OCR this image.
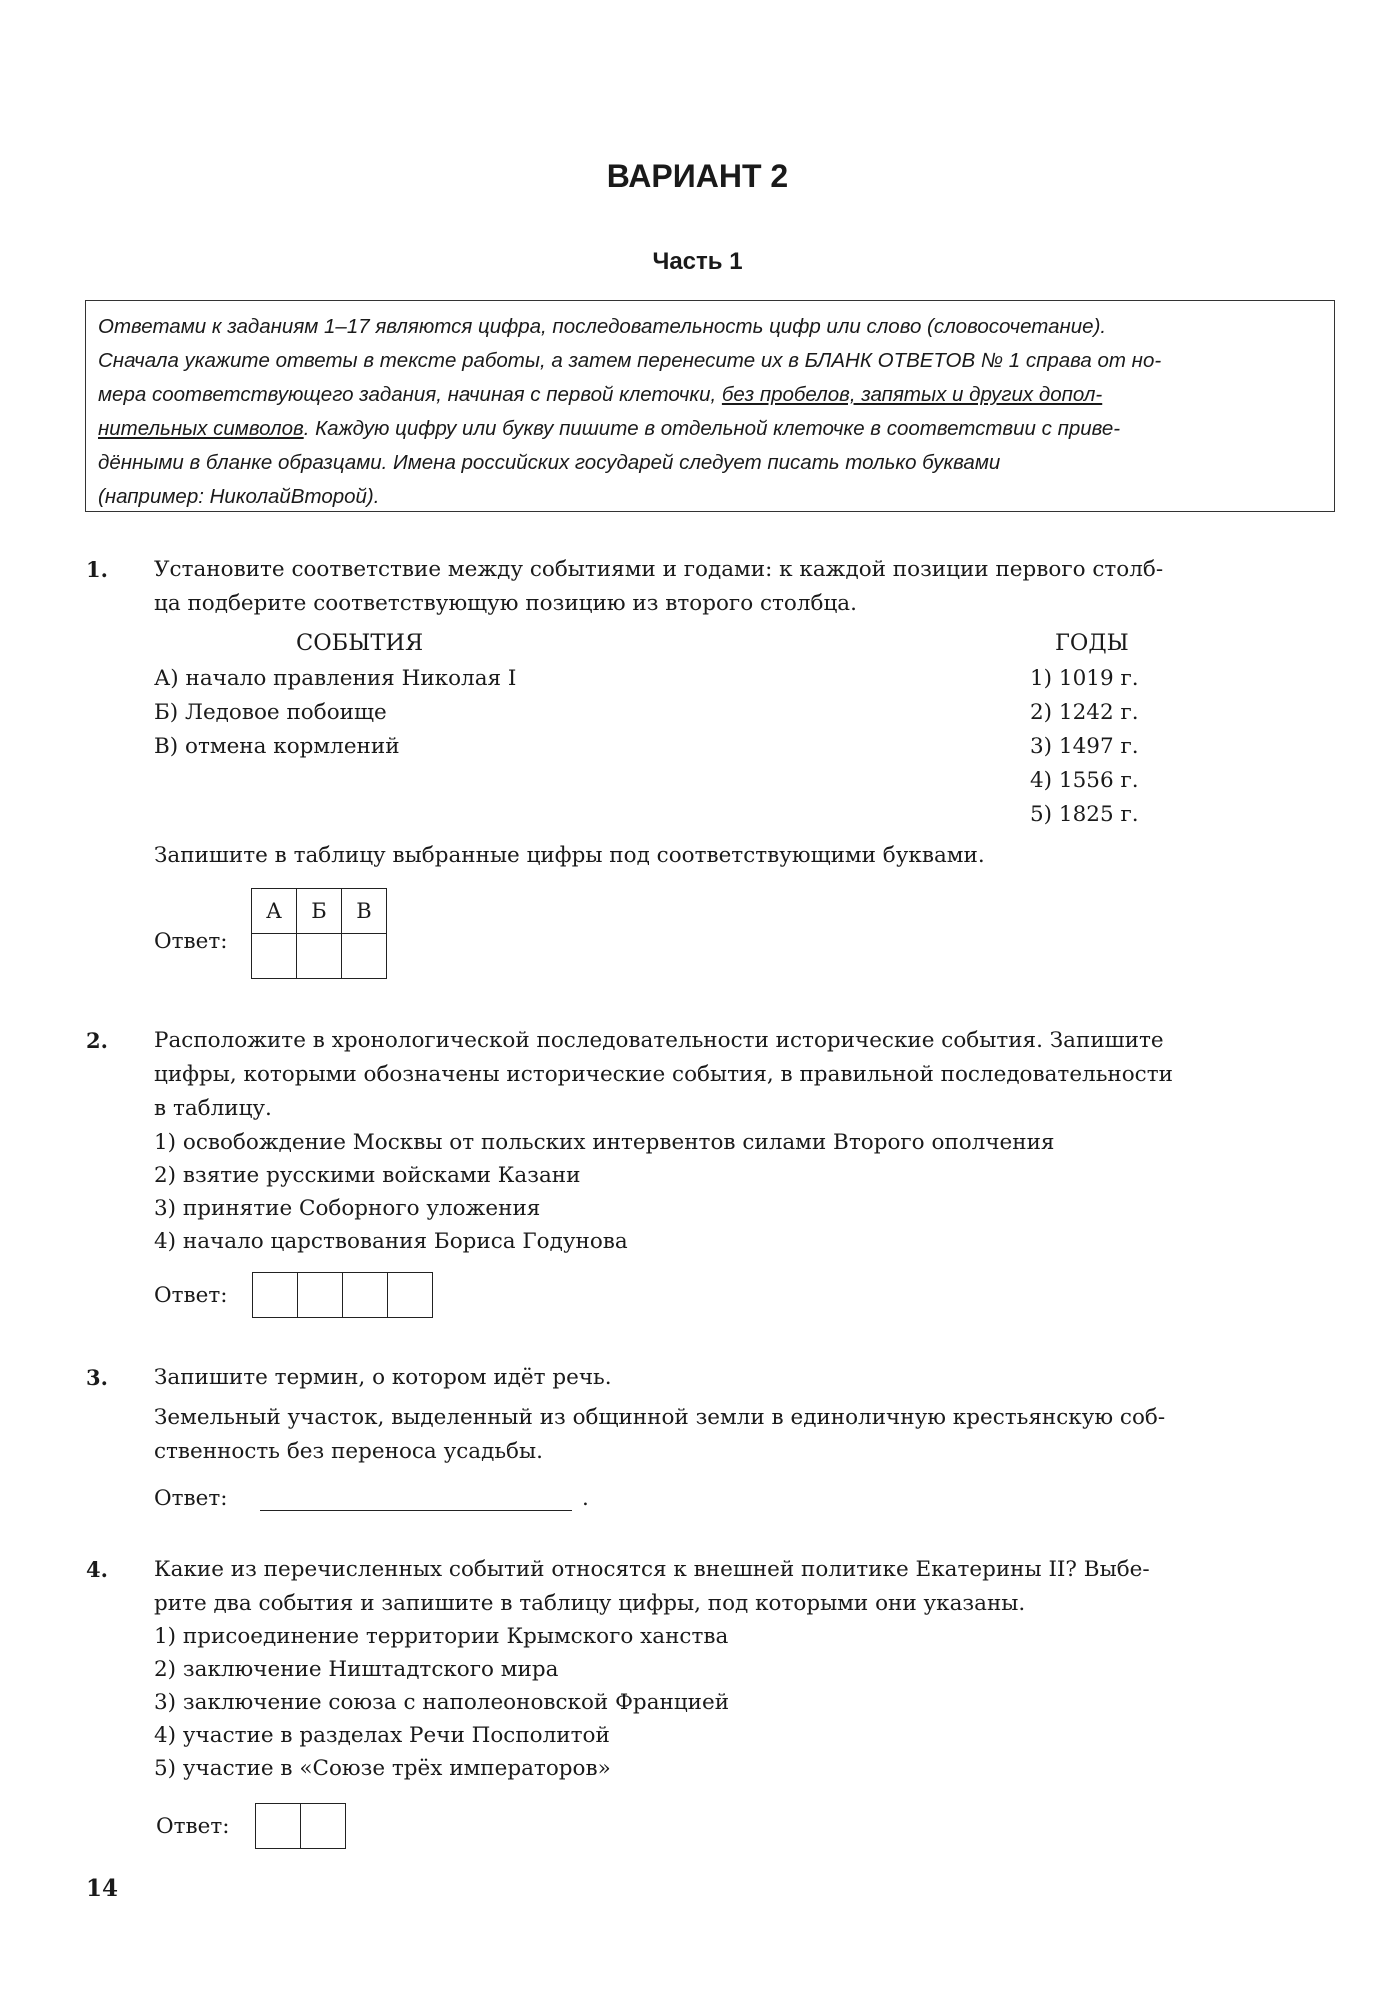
ВАРИАНТ 2
Часть 1
Ответами к заданиям 1–17 являются цифра, последовательность цифр или слово (словосочетание).
Сначала укажите ответы в тексте работы, а затем перенесите их в БЛАНК ОТВЕТОВ № 1 справа от но-
мера соответствующего задания, начиная с первой клеточки, без пробелов, запятых и других допол-
нительных символов. Каждую цифру или букву пишите в отдельной клеточке в соответствии с приве-
дёнными в бланке образцами. Имена российских государей следует писать только буквами
(например: НиколайВторой).
1. Установите соответствие между событиями и годами: к каждой позиции первого столб-
ца подберите соответствующую позицию из второго столбца.
СОБЫТИЯ	ГОДЫ
А) начало правления Николая I
Б) Ледовое побоище
В) отмена кормлений
1) 1019 г.
2) 1242 г.
3) 1497 г.
4) 1556 г.
5) 1825 г.
Запишите в таблицу выбранные цифры под соответствующими буквами.
Ответ:
А	Б	В

2. Расположите в хронологической последовательности исторические события. Запишите
цифры, которыми обозначены исторические события, в правильной последовательности
в таблицу.
1) освобождение Москвы от польских интервентов силами Второго ополчения
2) взятие русскими войсками Казани
3) принятие Соборного уложения
4) начало царствования Бориса Годунова
Ответ:

3. Запишите термин, о котором идёт речь.
Земельный участок, выделенный из общинной земли в единоличную крестьянскую соб-
ственность без переноса усадьбы.
Ответ:	.
4. Какие из перечисленных событий относятся к внешней политике Екатерины II? Выбе-
рите два события и запишите в таблицу цифры, под которыми они указаны.
1) присоединение территории Крымского ханства
2) заключение Ништадтского мира
3) заключение союза с наполеоновской Францией
4) участие в разделах Речи Посполитой
5) участие в «Союзе трёх императоров»
Ответ:

14
